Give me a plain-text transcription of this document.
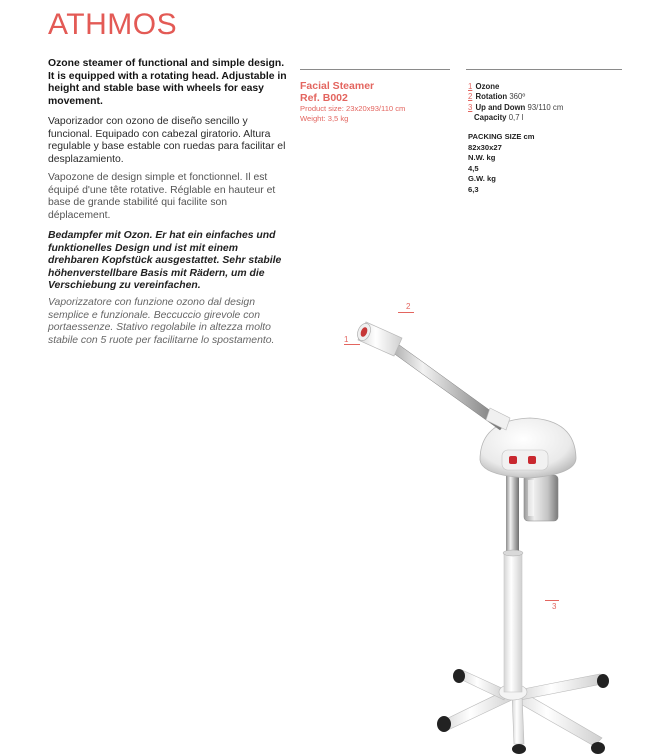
ATHMOS

Ozone steamer of functional and simple design. It is equipped with a rotating head. Adjustable in height and stable base with wheels for easy movement.

Vaporizador con ozono de diseño sencillo y funcional. Equipado con cabezal giratorio. Altura regulable y base estable con ruedas para facilitar el desplazamiento.

Vapozone de design simple et fonctionnel. Il est équipé d'une tête rotative. Réglable en hauteur et base de grande stabilité qui facilite son déplacement.

Bedampfer mit Ozon. Er hat ein einfaches und funktionelles Design und ist mit einem drehbaren Kopfstück ausgestattet. Sehr stabile höhenverstellbare Basis mit Rädern, um die Verschiebung zu vereinfachen.

Vaporizzatore con funzione ozono dal design semplice e funzionale. Beccuccio girevole con portaessenze. Stativo regolabile in altezza molto stabile con 5 ruote per facilitarne lo spostamento.

Facial Steamer
Ref. B002
Product size: 23x20x93/110 cm
Weight: 3,5 kg
1 Ozone
2 Rotation 360º
3 Up and Down 93/110 cm
Capacity 0,7 l
PACKING SIZE cm
82x30x27
N.W. kg
4,5
G.W. kg
6,3
1
2
3
